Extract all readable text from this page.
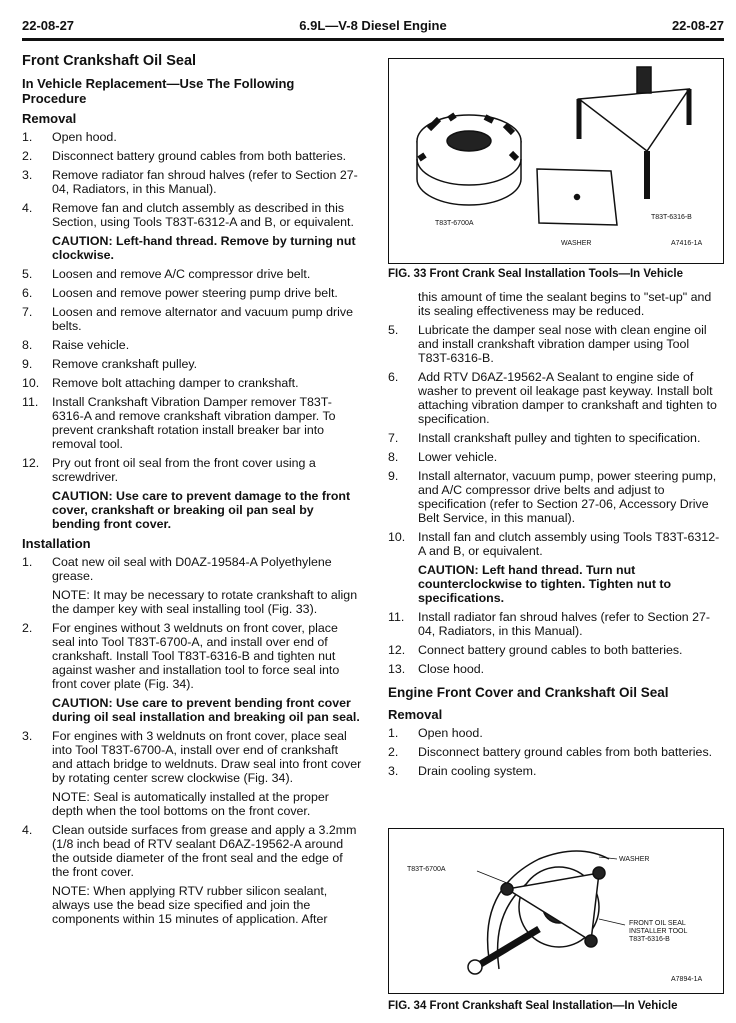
22-08-27	6.9L—V-8 Diesel Engine	22-08-27
Front Crankshaft Oil Seal
In Vehicle Replacement—Use The Following Procedure
Removal
1. Open hood.
2. Disconnect battery ground cables from both batteries.
3. Remove radiator fan shroud halves (refer to Section 27-04, Radiators, in this Manual).
4. Remove fan and clutch assembly as described in this Section, using Tools T83T-6312-A and B, or equivalent.
CAUTION: Left-hand thread. Remove by turning nut clockwise.
5. Loosen and remove A/C compressor drive belt.
6. Loosen and remove power steering pump drive belt.
7. Loosen and remove alternator and vacuum pump drive belts.
8. Raise vehicle.
9. Remove crankshaft pulley.
10. Remove bolt attaching damper to crankshaft.
11. Install Crankshaft Vibration Damper remover T83T-6316-A and remove crankshaft vibration damper. To prevent crankshaft rotation install breaker bar into removal tool.
12. Pry out front oil seal from the front cover using a screwdriver.
CAUTION: Use care to prevent damage to the front cover, crankshaft or breaking oil pan seal by bending front cover.
Installation
1. Coat new oil seal with D0AZ-19584-A Polyethylene grease.
NOTE: It may be necessary to rotate crankshaft to align the damper key with seal installing tool (Fig. 33).
2. For engines without 3 weldnuts on front cover, place seal into Tool T83T-6700-A, and install over end of crankshaft. Install Tool T83T-6316-B and tighten nut against washer and installation tool to force seal into front cover plate (Fig. 34).
CAUTION: Use care to prevent bending front cover during oil seal installation and breaking oil pan seal.
3. For engines with 3 weldnuts on front cover, place seal into Tool T83T-6700-A, install over end of crankshaft and attach bridge to weldnuts. Draw seal into front cover by rotating center screw clockwise (Fig. 34).
NOTE: Seal is automatically installed at the proper depth when the tool bottoms on the front cover.
4. Clean outside surfaces from grease and apply a 3.2mm (1/8 inch bead of RTV sealant D6AZ-19562-A around the outside diameter of the front seal and the edge of the front cover.
NOTE: When applying RTV rubber silicon sealant, always use the bead size specified and join the components within 15 minutes of application. After
T83T-6700A
T83T-6316-B
WASHER	A7416-1A
FIG. 33 Front Crank Seal Installation Tools—In Vehicle
this amount of time the sealant begins to "set-up" and its sealing effectiveness may be reduced.
5. Lubricate the damper seal nose with clean engine oil and install crankshaft vibration damper using Tool T83T-6316-B.
6. Add RTV D6AZ-19562-A Sealant to engine side of washer to prevent oil leakage past keyway. Install bolt attaching vibration damper to crankshaft and tighten to specification.
7. Install crankshaft pulley and tighten to specification.
8. Lower vehicle.
9. Install alternator, vacuum pump, power steering pump, and A/C compressor drive belts and adjust to specification (refer to Section 27-06, Accessory Drive Belt Service, in this manual).
10. Install fan and clutch assembly using Tools T83T-6312-A and B, or equivalent.
CAUTION: Left hand thread. Turn nut counterclockwise to tighten. Tighten nut to specifications.
11. Install radiator fan shroud halves (refer to Section 27-04, Radiators, in this Manual).
12. Connect battery ground cables to both batteries.
13. Close hood.
Engine Front Cover and Crankshaft Oil Seal
Removal
1. Open hood.
2. Disconnect battery ground cables from both batteries.
3. Drain cooling system.
T83T-6700A
WASHER
FRONT OIL SEAL
INSTALLER TOOL
T83T-6316-B
A7894-1A
FIG. 34 Front Crankshaft Seal Installation—In Vehicle
